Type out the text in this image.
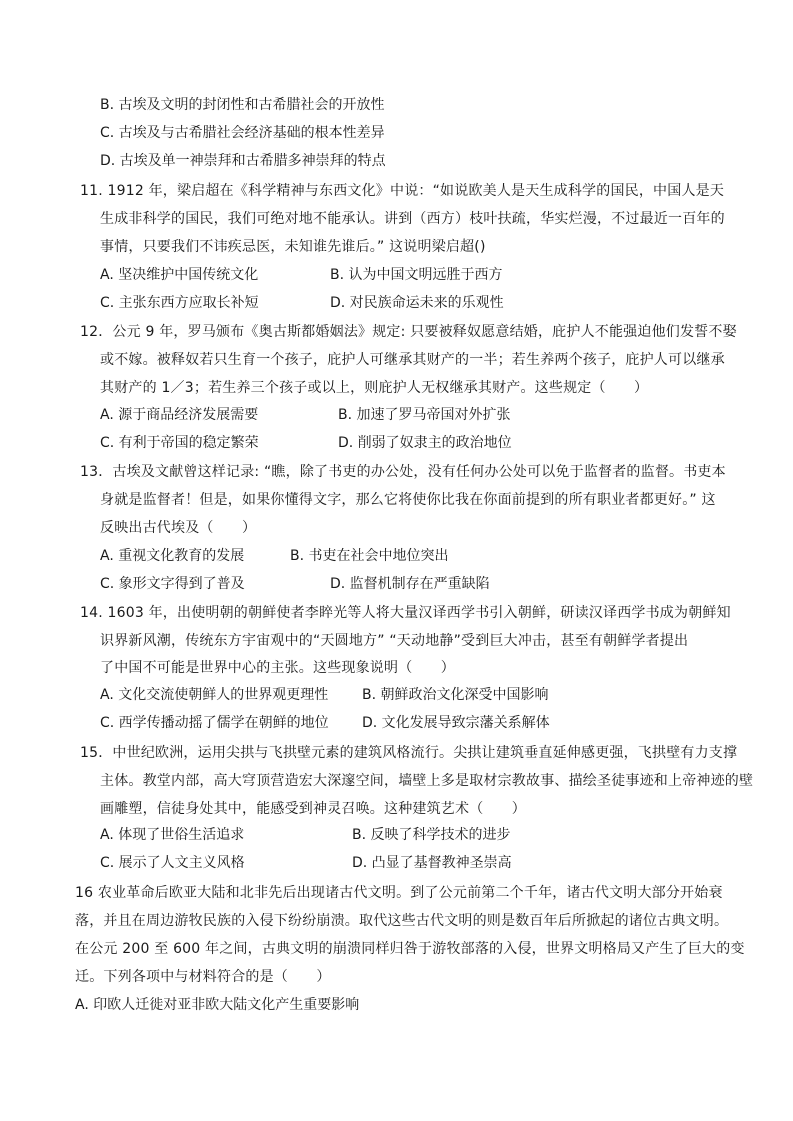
B. 古埃及文明的封闭性和古希腊社会的开放性
C. 古埃及与古希腊社会经济基础的根本性差异
D. 古埃及单一神崇拜和古希腊多神崇拜的特点
11. 1912 年，梁启超在《科学精神与东西文化》中说：“如说欧美人是天生成科学的国民，中国人是天
生成非科学的国民，我们可绝对地不能承认。讲到（西方）枝叶扶疏，华实烂漫，不过最近一百年的
事情，只要我们不讳疾忌医，未知谁先谁后。” 这说明梁启超()
A. 坚决维护中国传统文化	B. 认为中国文明远胜于西方
C. 主张东西方应取长补短	D. 对民族命运未来的乐观性
12．公元 9 年，罗马颁布《奥古斯都婚姻法》规定: 只要被释奴愿意结婚，庇护人不能强迫他们发誓不娶
或不嫁。被释奴若只生育一个孩子，庇护人可继承其财产的一半；若生养两个孩子，庇护人可以继承
其财产的 1／3；若生养三个孩子或以上，则庇护人无权继承其财产。这些规定（　　）
A. 源于商品经济发展需要	B. 加速了罗马帝国对外扩张
C. 有利于帝国的稳定繁荣	D. 削弱了奴隶主的政治地位
13．古埃及文献曾这样记录: “瞧，除了书吏的办公处，没有任何办公处可以免于监督者的监督。书吏本
身就是监督者！但是，如果你懂得文字，那么它将使你比我在你面前提到的所有职业者都更好。” 这
反映出古代埃及（　　）
A. 重视文化教育的发展	B. 书吏在社会中地位突出
C. 象形文字得到了普及	D. 监督机制存在严重缺陷
14. 1603 年，出使明朝的朝鲜使者李睟光等人将大量汉译西学书引入朝鲜，研读汉译西学书成为朝鲜知
识界新风潮，传统东方宇宙观中的“天圆地方” “天动地静”受到巨大冲击，甚至有朝鲜学者提出
了中国不可能是世界中心的主张。这些现象说明（　　）
A. 文化交流使朝鲜人的世界观更理性 B. 朝鲜政治文化深受中国影响
C. 西学传播动摇了儒学在朝鲜的地位 D. 文化发展导致宗藩关系解体
15．中世纪欧洲，运用尖拱与飞拱壁元素的建筑风格流行。尖拱让建筑垂直延伸感更强，飞拱壁有力支撑
主体。教堂内部，高大穹顶营造宏大深邃空间，墙壁上多是取材宗教故事、描绘圣徒事迹和上帝神迹的壁
画雕塑，信徒身处其中，能感受到神灵召唤。这种建筑艺术（　　）
A. 体现了世俗生活追求	B. 反映了科学技术的进步
C. 展示了人文主义风格	D. 凸显了基督教神圣崇高
16 农业革命后欧亚大陆和北非先后出现诸古代文明。到了公元前第二个千年，诸古代文明大部分开始衰
落，并且在周边游牧民族的入侵下纷纷崩溃。取代这些古代文明的则是数百年后所掀起的诸位古典文明。
在公元 200 至 600 年之间，古典文明的崩溃同样归咎于游牧部落的入侵，世界文明格局又产生了巨大的变
迁。下列各项中与材料符合的是（　　）
A. 印欧人迁徙对亚非欧大陆文化产生重要影响
